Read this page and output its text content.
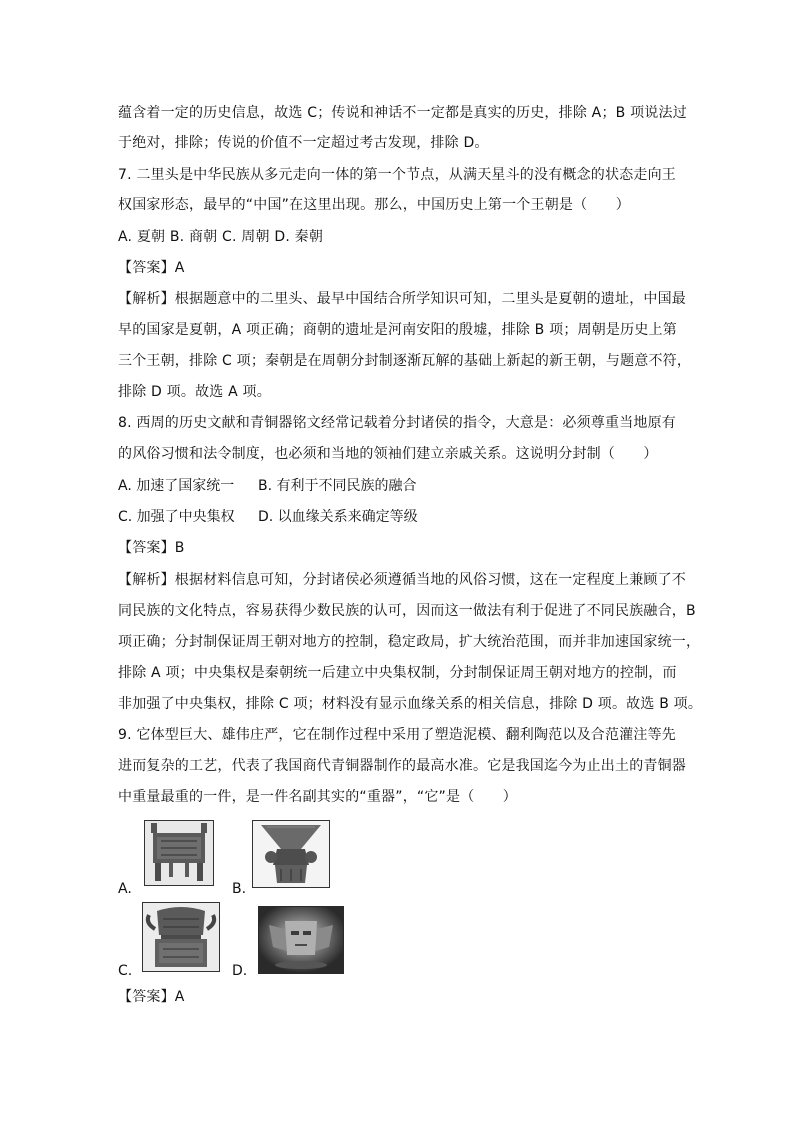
蕴含着一定的历史信息，故选 C；传说和神话不一定都是真实的历史，排除 A；B 项说法过
于绝对，排除；传说的价值不一定超过考古发现，排除 D。
7. 二里头是中华民族从多元走向一体的第一个节点，从满天星斗的没有概念的状态走向王
权国家形态，最早的“中国”在这里出现。那么，中国历史上第一个王朝是（　　）
A. 夏朝 B. 商朝 C. 周朝 D. 秦朝
【答案】A
【解析】根据题意中的二里头、最早中国结合所学知识可知，二里头是夏朝的遗址，中国最
早的国家是夏朝，A 项正确；商朝的遗址是河南安阳的殷墟，排除 B 项；周朝是历史上第
三个王朝，排除 C 项；秦朝是在周朝分封制逐渐瓦解的基础上新起的新王朝，与题意不符，
排除 D 项。故选 A 项。
8. 西周的历史文献和青铜器铭文经常记载着分封诸侯的指令，大意是：必须尊重当地原有
的风俗习惯和法令制度，也必须和当地的领袖们建立亲戚关系。这说明分封制（　　）
A. 加速了国家统一 B. 有利于不同民族的融合
C. 加强了中央集权 D. 以血缘关系来确定等级
【答案】B
【解析】根据材料信息可知，分封诸侯必须遵循当地的风俗习惯，这在一定程度上兼顾了不
同民族的文化特点，容易获得少数民族的认可，因而这一做法有利于促进了不同民族融合，B
项正确；分封制保证周王朝对地方的控制，稳定政局，扩大统治范围，而并非加速国家统一，
排除 A 项；中央集权是秦朝统一后建立中央集权制，分封制保证周王朝对地方的控制，而
非加强了中央集权，排除 C 项；材料没有显示血缘关系的相关信息，排除 D 项。故选 B 项。
9. 它体型巨大、雄伟庄严，它在制作过程中采用了塑造泥模、翻利陶范以及合范灌注等先
进而复杂的工艺，代表了我国商代青铜器制作的最高水准。它是我国迄今为止出土的青铜器
中重量最重的一件，是一件名副其实的“重器”，“它”是（　　）
A.	B.
C.	D.
【答案】A
